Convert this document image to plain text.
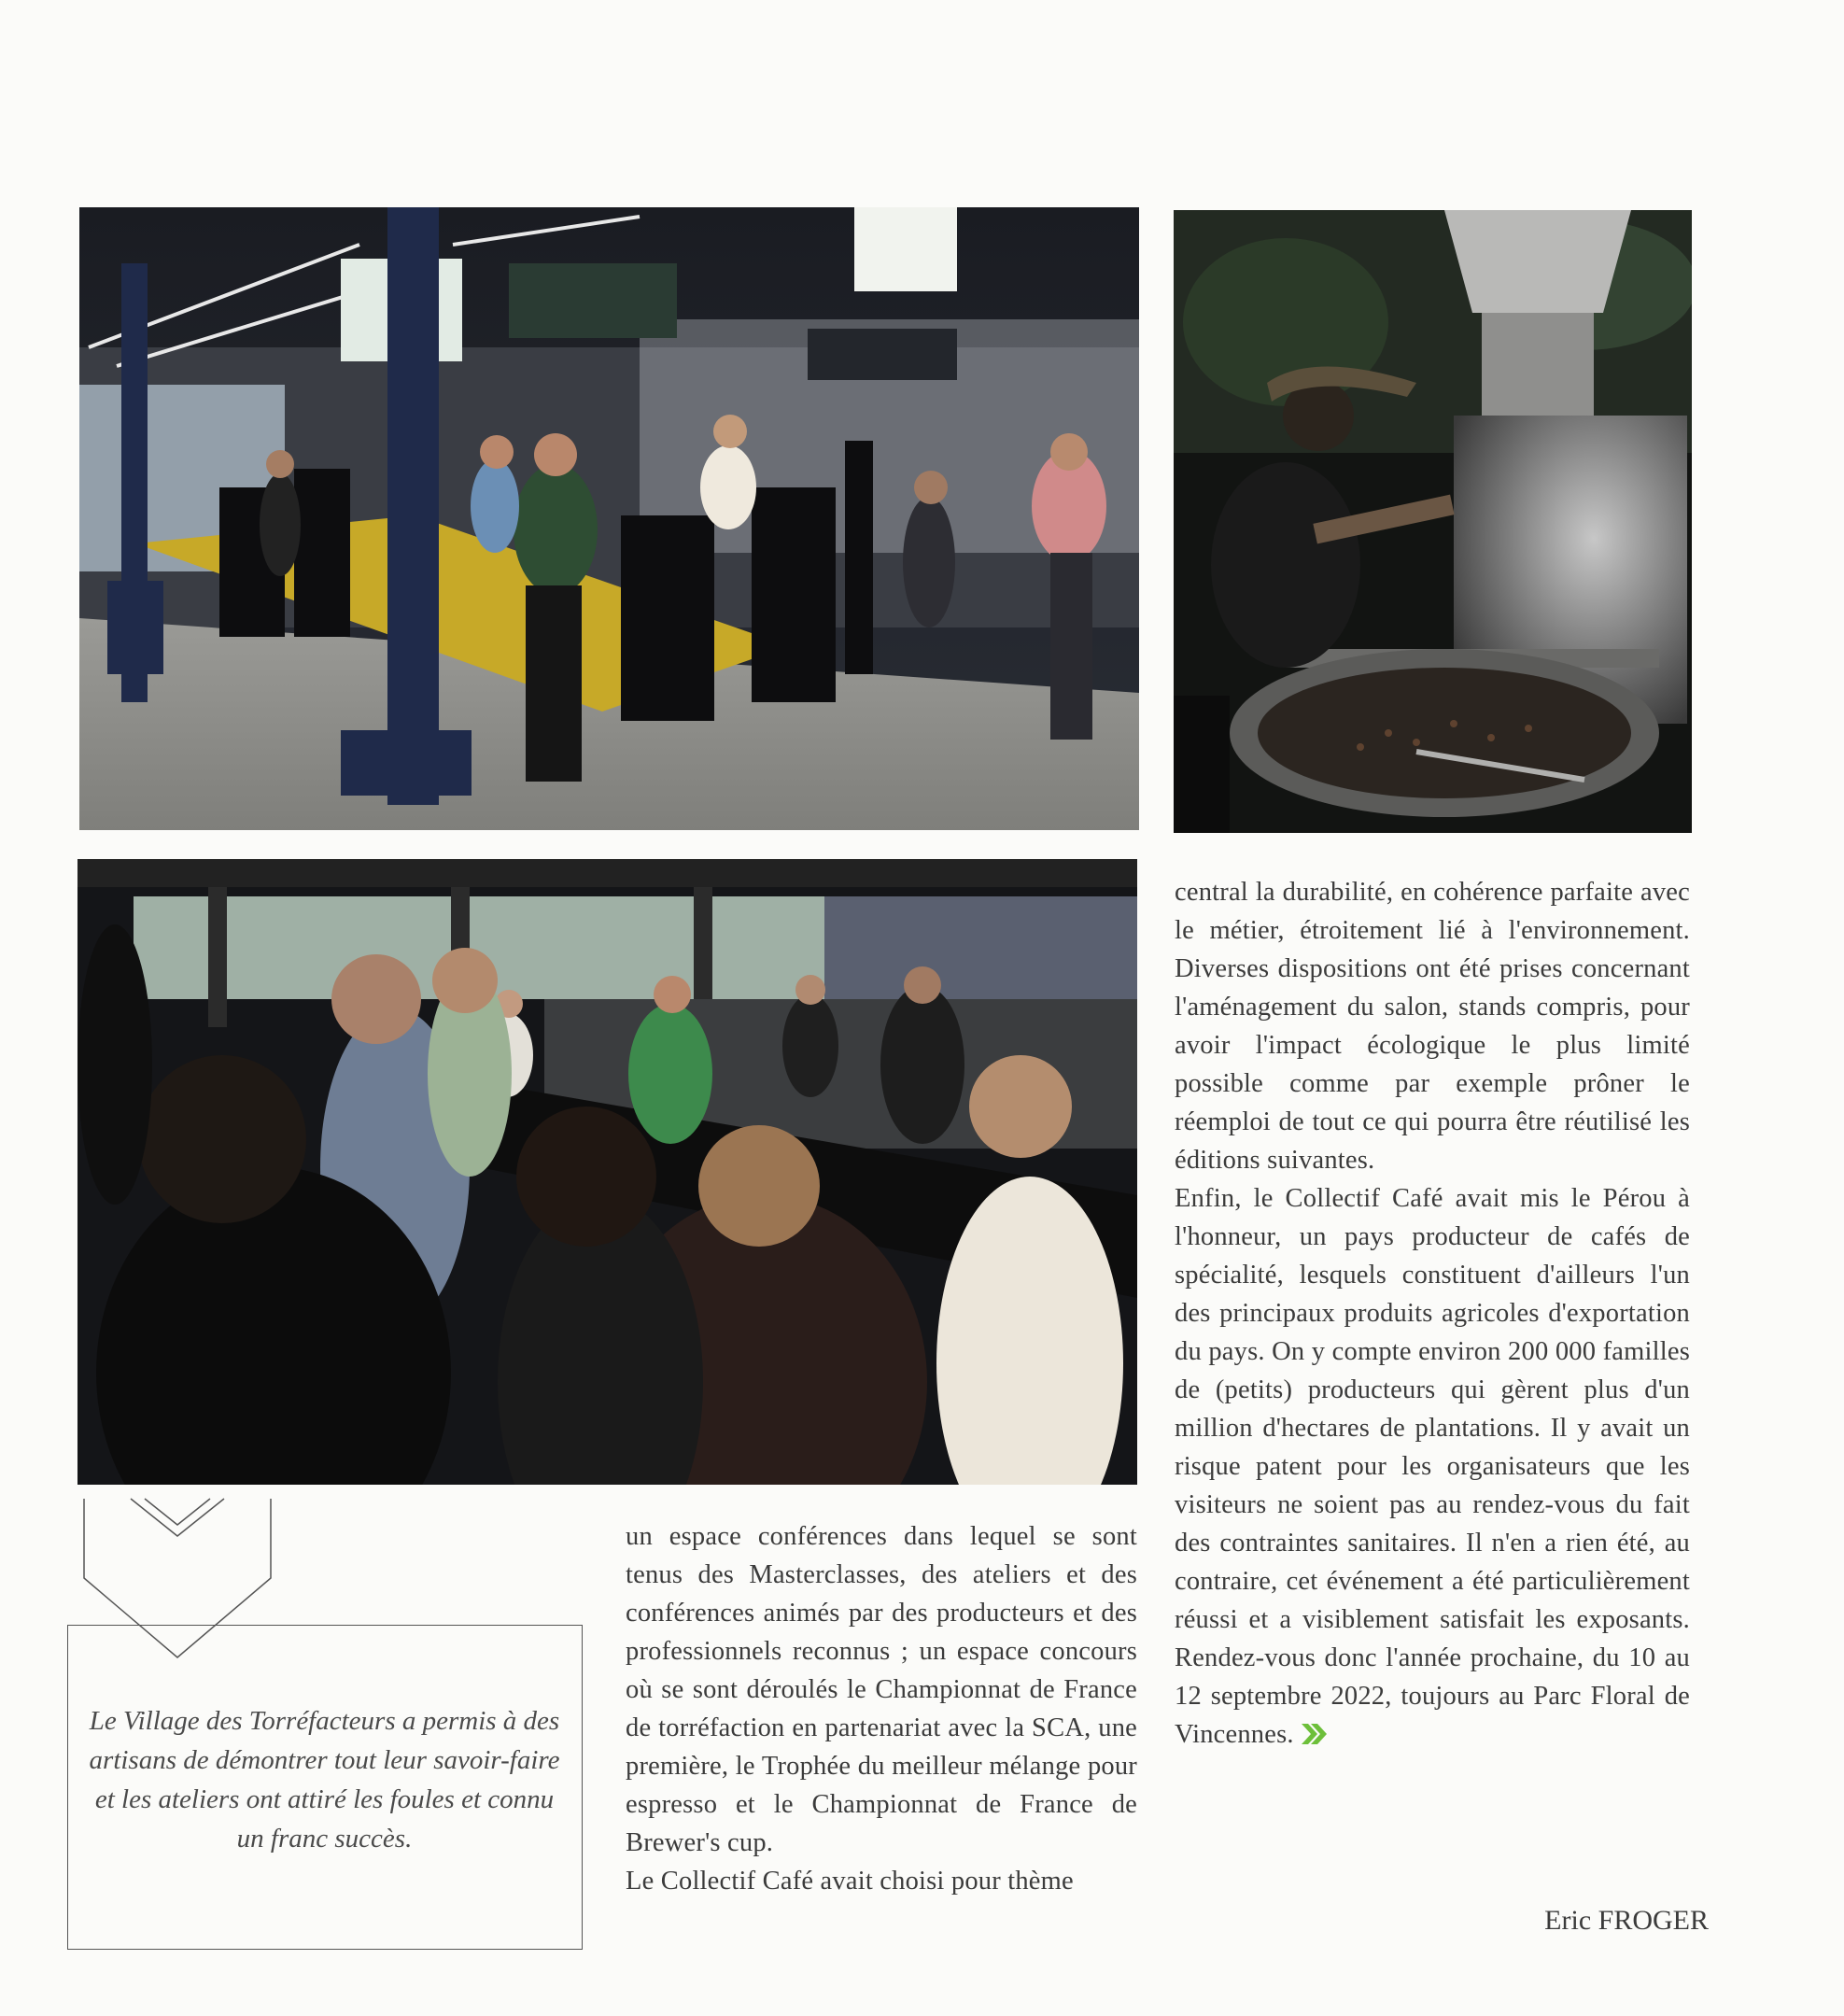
central la durabilité, en cohérence parfaite avec le métier, étroitement lié à l'environnement. Diverses dispositions ont été prises concernant l'aménagement du salon, stands compris, pour avoir l'impact écologique le plus limité possible comme par exemple prôner le réemploi de tout ce qui pourra être réutilisé les éditions suivantes.

Enfin, le Collectif Café avait mis le Pérou à l'honneur, un pays producteur de cafés de spécialité, lesquels constituent d'ailleurs l'un des principaux produits agricoles d'exportation du pays. On y compte environ 200 000 familles de (petits) producteurs qui gèrent plus d'un million d'hectares de plantations. Il y avait un risque patent pour les organisateurs que les visiteurs ne soient pas au rendez-vous du fait des contraintes sanitaires. Il n'en a rien été, au contraire, cet événement a été particulièrement réussi et a visiblement satisfait les exposants. Rendez-vous donc l'année prochaine, du 10 au 12 septembre 2022, toujours au Parc Floral de Vincennes.

un espace conférences dans lequel se sont tenus des Masterclasses, des ateliers et des conférences animés par des producteurs et des professionnels reconnus ; un espace concours où se sont déroulés le Championnat de France de torréfaction en partenariat avec la SCA, une première, le Trophée du meilleur mélange pour espresso et le Championnat de France de Brewer's cup.

Le Collectif Café avait choisi pour thème

Le Village des Torréfacteurs a permis à des artisans de démontrer tout leur savoir-faire et les ateliers ont attiré les foules et connu un franc succès.
Eric FROGER
